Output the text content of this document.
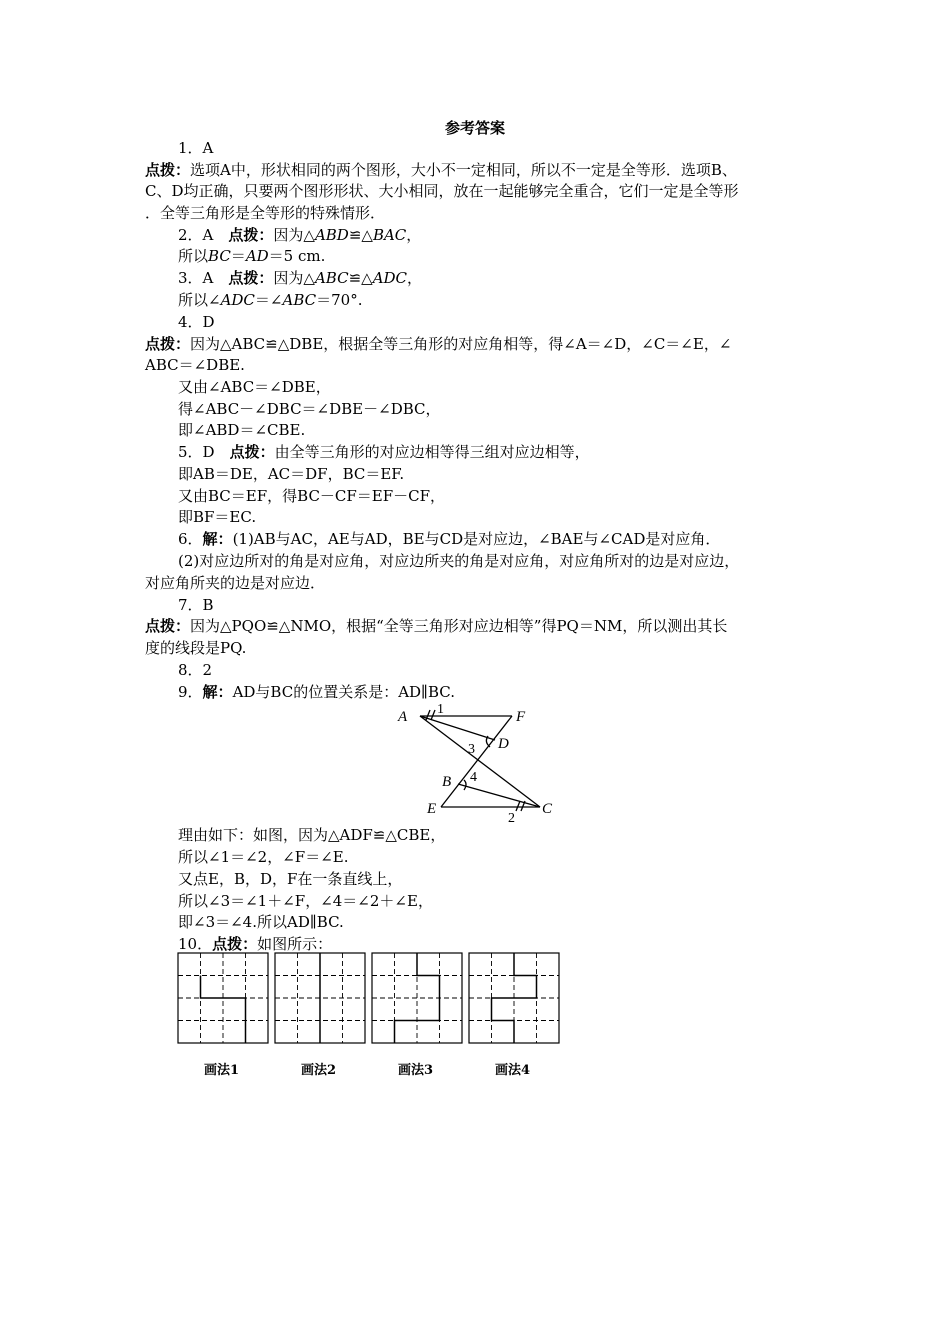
参考答案
1．A
点拨：选项A中，形状相同的两个图形，大小不一定相同，所以不一定是全等形．选项B、
C、D均正确，只要两个图形形状、大小相同，放在一起能够完全重合，它们一定是全等形
．全等三角形是全等形的特殊情形．
2．A　点拨：因为△ABD≌△BAC，
所以BC＝AD＝5 cm.
3．A　点拨：因为△ABC≌△ADC，
所以∠ADC＝∠ABC＝70°.
4．D
点拨：因为△ABC≌△DBE，根据全等三角形的对应角相等，得∠A＝∠D，∠C＝∠E，∠
ABC＝∠DBE.
又由∠ABC＝∠DBE，
得∠ABC－∠DBC＝∠DBE－∠DBC，
即∠ABD＝∠CBE.
5．D　点拨：由全等三角形的对应边相等得三组对应边相等，
即AB＝DE，AC＝DF，BC＝EF.
又由BC＝EF，得BC－CF＝EF－CF，
即BF＝EC.
6．解：(1)AB与AC，AE与AD，BE与CD是对应边，∠BAE与∠CAD是对应角．
(2)对应边所对的角是对应角，对应边所夹的角是对应角，对应角所对的边是对应边，
对应角所夹的边是对应边．
7．B
点拨：因为△PQO≌△NMO，根据“全等三角形对应边相等”得PQ＝NM，所以测出其长
度的线段是PQ.
8．2
9．解：AD与BC的位置关系是：AD∥BC.
A	F
D
B
E	C
1
2
3
4
理由如下：如图，因为△ADF≌△CBE，
所以∠1＝∠2，∠F＝∠E.
又点E，B，D，F在一条直线上，
所以∠3＝∠1＋∠F，∠4＝∠2＋∠E，
即∠3＝∠4.所以AD∥BC.
10．点拨：如图所示：
画法1	画法2	画法3	画法4
